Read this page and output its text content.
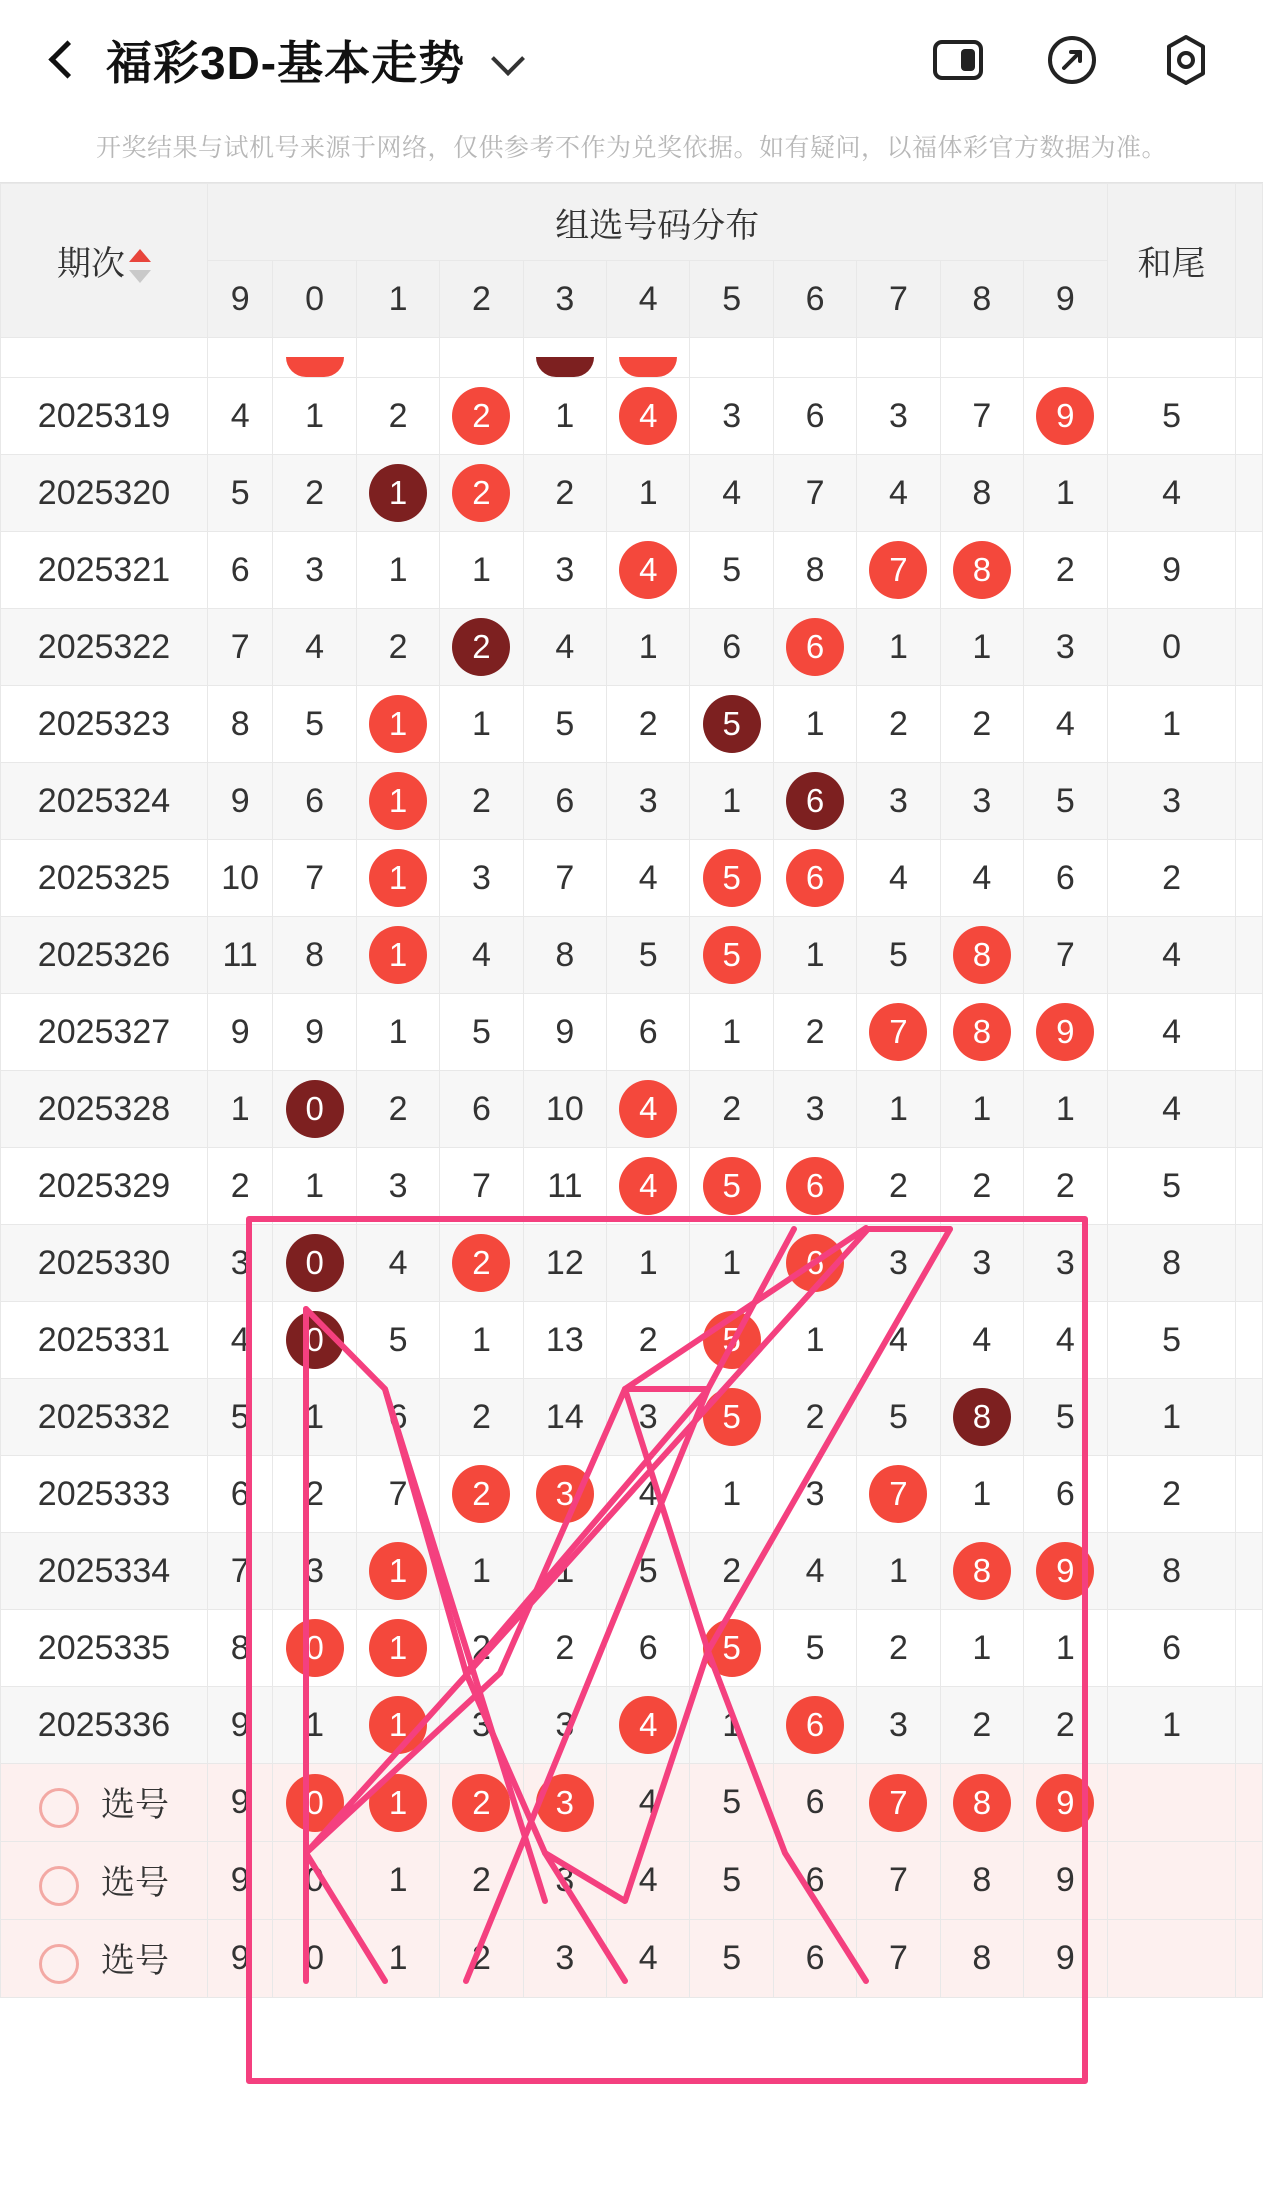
福彩3D-基本走势
开奖结果与试机号来源于网络，仅供参考不作为兑奖依据。如有疑问，以福体彩官方数据为准。
期次	组选号码分布											和尾	
	9	0	1	2	3	4	5	6	7	8	9		

2025319	4	1	2	2	1	4	3	6	3	7	9	5	
2025320	5	2	1	2	2	1	4	7	4	8	1	4	
2025321	6	3	1	1	3	4	5	8	7	8	2	9	
2025322	7	4	2	2	4	1	6	6	1	1	3	0	
2025323	8	5	1	1	5	2	5	1	2	2	4	1	
2025324	9	6	1	2	6	3	1	6	3	3	5	3	
2025325	10	7	1	3	7	4	5	6	4	4	6	2	
2025326	11	8	1	4	8	5	5	1	5	8	7	4	
2025327	9	9	1	5	9	6	1	2	7	8	9	4	
2025328	1	0	2	6	10	4	2	3	1	1	1	4	
2025329	2	1	3	7	11	4	5	6	2	2	2	5	
2025330	3	0	4	2	12	1	1	6	3	3	3	8	
2025331	4	0	5	1	13	2	5	1	4	4	4	5	
2025332	5	1	6	2	14	3	5	2	5	8	5	1	
2025333	6	2	7	2	3	4	1	3	7	1	6	2	
2025334	7	3	1	1	1	5	2	4	1	8	9	8	
2025335	8	0	1	2	2	6	5	5	2	1	1	6	
2025336	9	1	1	3	3	4	1	6	3	2	2	1	
选号	9	0	1	2	3	4	5	6	7	8	9		
选号	9	0	1	2	3	4	5	6	7	8	9		
选号	9	0	1	2	3	4	5	6	7	8	9		
